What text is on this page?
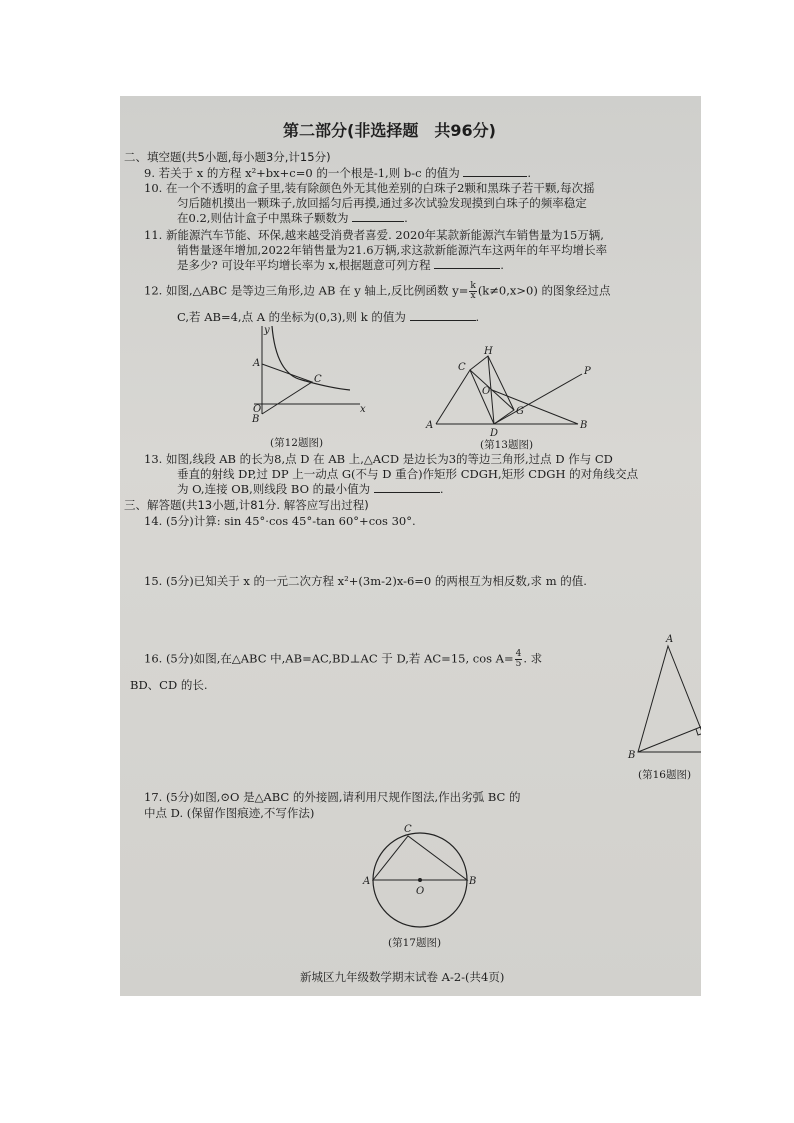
第二部分(非选择题　共96分)
二、填空题(共5小题,每小题3分,计15分)
9. 若关于 x 的方程 x²+bx+c=0 的一个根是-1,则 b-c 的值为	.
10. 在一个不透明的盒子里,装有除颜色外无其他差别的白珠子2颗和黑珠子若干颗,每次摇
匀后随机摸出一颗珠子,放回摇匀后再摸,通过多次试验发现摸到白珠子的频率稳定
在0.2,则估计盒子中黑珠子颗数为	.
11. 新能源汽车节能、环保,越来越受消费者喜爱. 2020年某款新能源汽车销售量为15万辆,
销售量逐年增加,2022年销售量为21.6万辆,求这款新能源汽车这两年的年平均增长率
是多少? 可设年平均增长率为 x,根据题意可列方程	.
12. 如图,△ABC 是等边三角形,边 AB 在 y 轴上,反比例函数 $y= \frac{k}{x} (k\ne 0,x>0)$ 的图象经过点
C,若 AB=4,点 A 的坐标为(0,3),则 k 的值为	.
y
A
C
O
B
x
(第12题图)
H
P
C
O
G
A
D
B
(第13题图)
13. 如图,线段 AB 的长为8,点 D 在 AB 上,△ACD 是边长为3的等边三角形,过点 D 作与 CD
垂直的射线 DP,过 DP 上一动点 G(不与 D 重合)作矩形 CDGH,矩形 CDGH 的对角线交点
为 O,连接 OB,则线段 BO 的最小值为	.
三、解答题(共13小题,计81分. 解答应写出过程)
14. (5分)计算: sin 45°·cos 45°-tan 60°+cos 30°.
15. (5分)已知关于 x 的一元二次方程 x²+(3m-2)x-6=0 的两根互为相反数,求 m 的值.
16. (5分)如图,在△ABC 中,AB=AC,BD⊥AC 于 D,若 AC=15, $\cos A= \frac{4}{5}$ . 求
BD、CD 的长.
A
B
D
(第16题图)
17. (5分)如图,⊙O 是△ABC 的外接圆,请利用尺规作图法,作出劣弧 BC 的
中点 D. (保留作图痕迹,不写作法)
C
A
O
B
(第17题图)
新城区九年级数学期末试卷 A-2-(共4页)
